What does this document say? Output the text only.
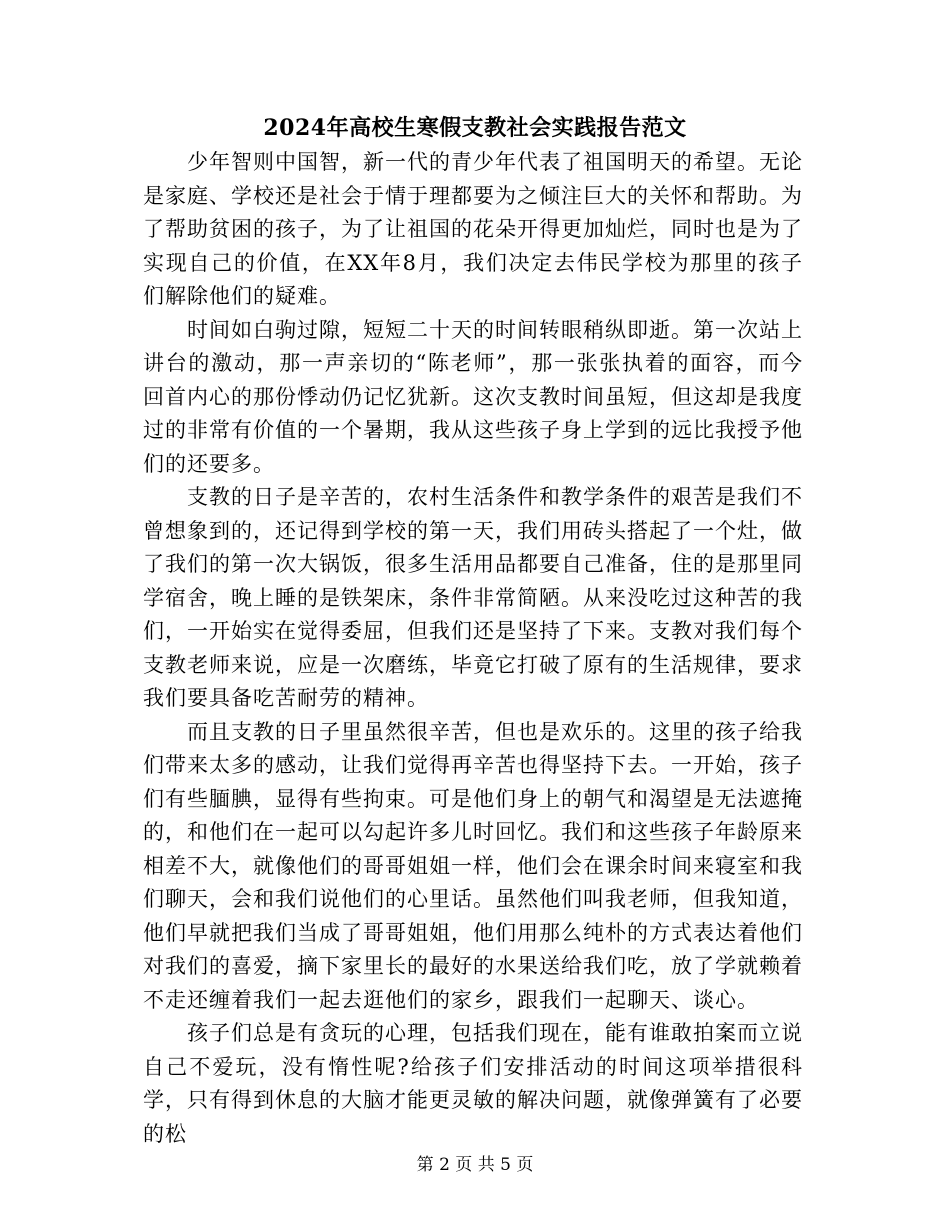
2024年高校生寒假支教社会实践报告范文

少年智则中国智，新一代的青少年代表了祖国明天的希望。无论是家庭、学校还是社会于情于理都要为之倾注巨大的关怀和帮助。为了帮助贫困的孩子，为了让祖国的花朵开得更加灿烂，同时也是为了实现自己的价值，在XX年8月，我们决定去伟民学校为那里的孩子们解除他们的疑难。

时间如白驹过隙，短短二十天的时间转眼稍纵即逝。第一次站上讲台的激动，那一声亲切的“陈老师”，那一张张执着的面容，而今回首内心的那份悸动仍记忆犹新。这次支教时间虽短，但这却是我度过的非常有价值的一个暑期，我从这些孩子身上学到的远比我授予他们的还要多。

支教的日子是辛苦的，农村生活条件和教学条件的艰苦是我们不曾想象到的，还记得到学校的第一天，我们用砖头搭起了一个灶，做了我们的第一次大锅饭，很多生活用品都要自己准备，住的是那里同学宿舍，晚上睡的是铁架床，条件非常简陋。从来没吃过这种苦的我们，一开始实在觉得委屈，但我们还是坚持了下来。支教对我们每个支教老师来说，应是一次磨练，毕竟它打破了原有的生活规律，要求我们要具备吃苦耐劳的精神。

而且支教的日子里虽然很辛苦，但也是欢乐的。这里的孩子给我们带来太多的感动，让我们觉得再辛苦也得坚持下去。一开始，孩子们有些腼腆，显得有些拘束。可是他们身上的朝气和渴望是无法遮掩的，和他们在一起可以勾起许多儿时回忆。我们和这些孩子年龄原来相差不大，就像他们的哥哥姐姐一样，他们会在课余时间来寝室和我们聊天，会和我们说他们的心里话。虽然他们叫我老师，但我知道，他们早就把我们当成了哥哥姐姐，他们用那么纯朴的方式表达着他们对我们的喜爱，摘下家里长的最好的水果送给我们吃，放了学就赖着不走还缠着我们一起去逛他们的家乡，跟我们一起聊天、谈心。

孩子们总是有贪玩的心理，包括我们现在，能有谁敢拍案而立说自己不爱玩，没有惰性呢?给孩子们安排活动的时间这项举措很科学，只有得到休息的大脑才能更灵敏的解决问题，就像弹簧有了必要的松

第 2 页 共 5 页
